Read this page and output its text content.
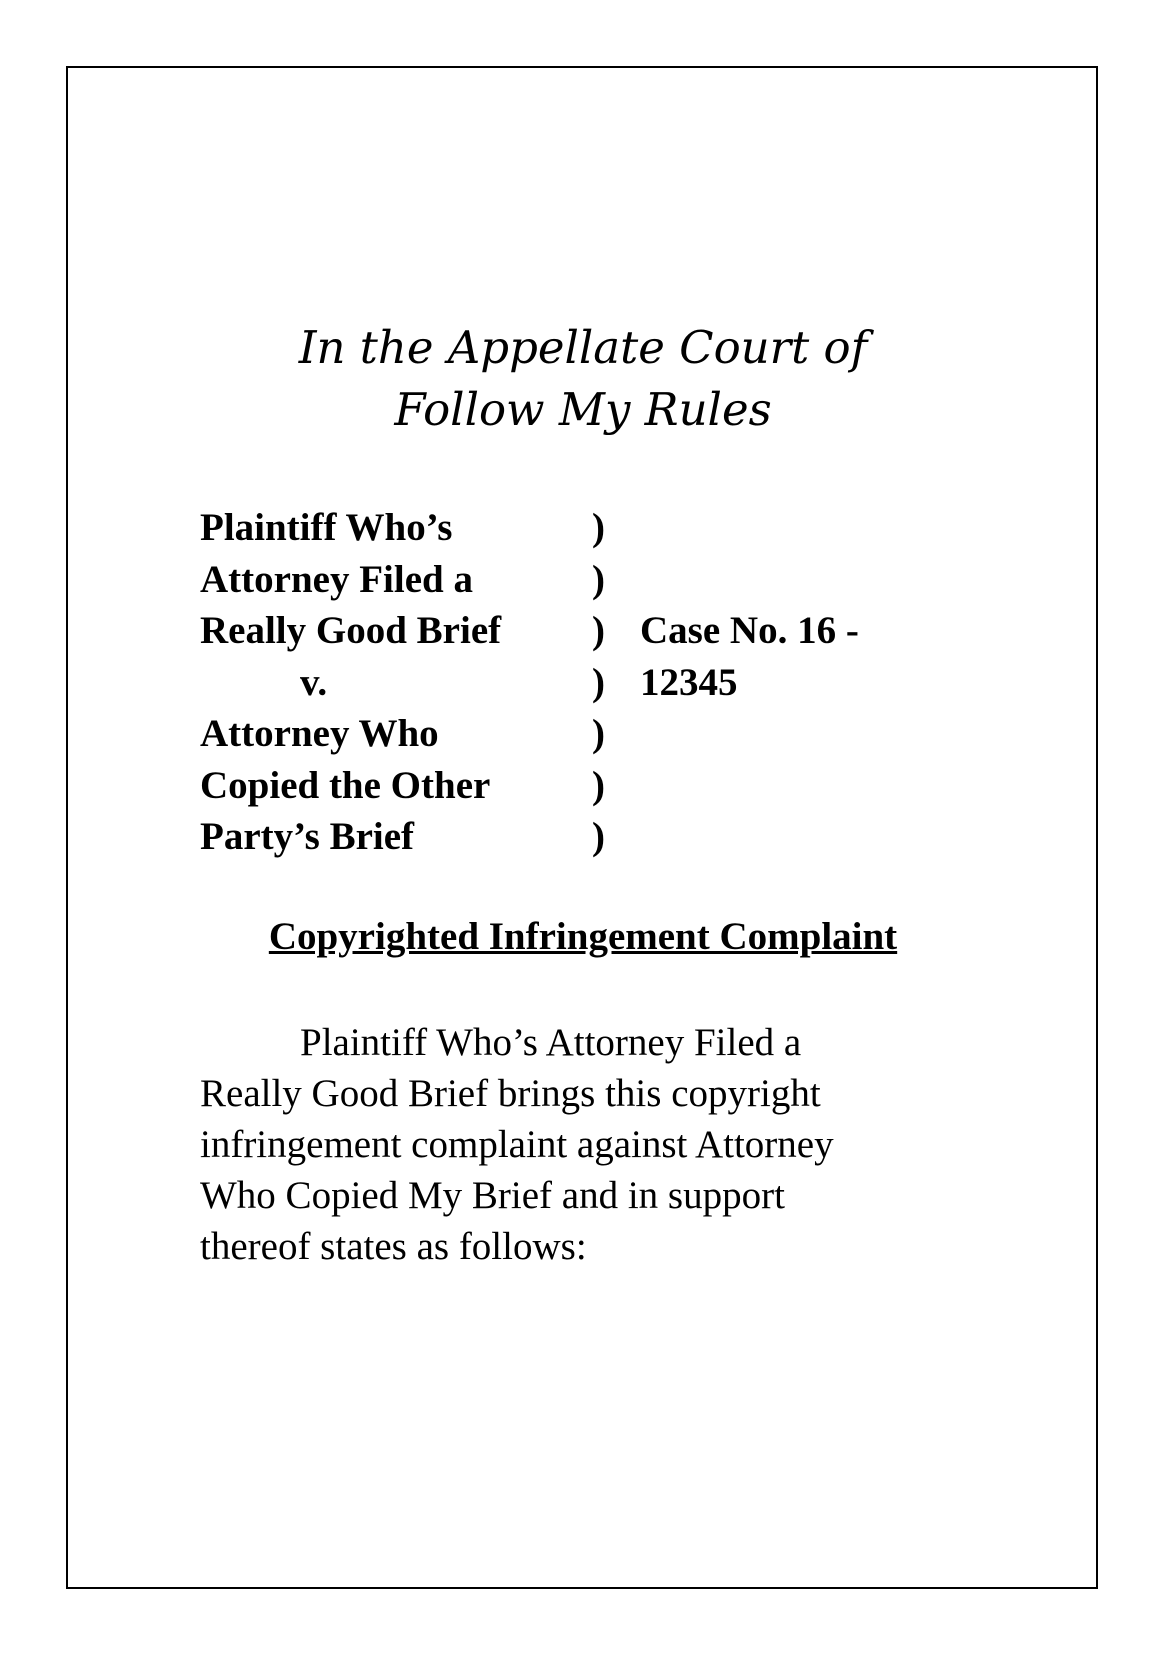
In the Appellate Court of
Follow My Rules
Plaintiff Who’s	)
Attorney Filed a	)
Really Good Brief ) Case No. 16 -
v.	) 12345
Attorney Who	)
Copied the Other	)
Party’s Brief	)
Copyrighted Infringement Complaint

Plaintiff Who’s Attorney Filed a
Really Good Brief brings this copyright
infringement complaint against Attorney
Who Copied My Brief and in support
thereof states as follows:
